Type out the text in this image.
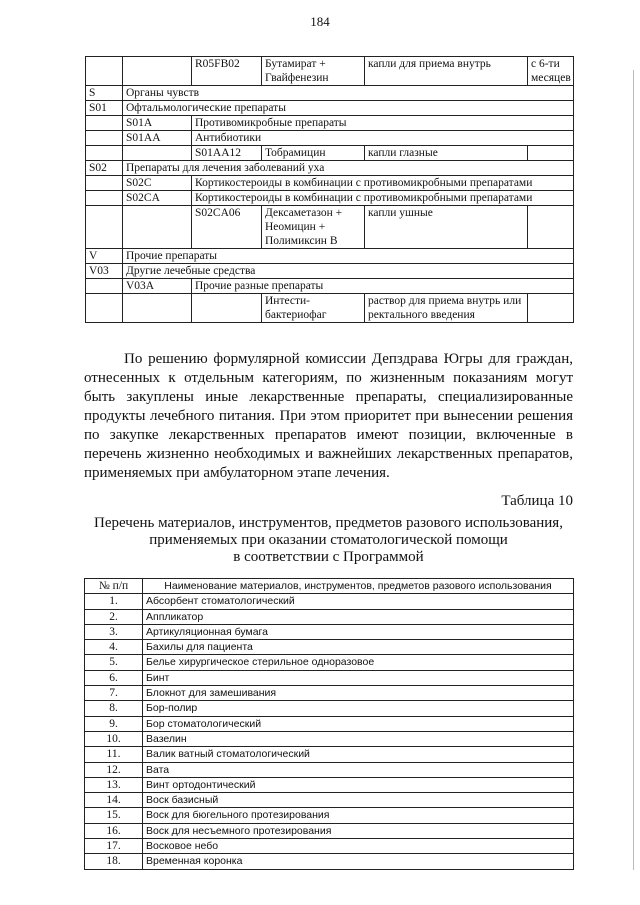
184
		R05FB02	Бутамират + Гвайфенезин	капли для приема внутрь	с 6-ти месяцев
S	Органы чувств				
S01	Офтальмологические препараты				
	S01A	Противомикробные препараты			
	S01AA	Антибиотики			
		S01AA12	Тобрамицин	капли глазные	
S02	Препараты для лечения заболеваний уха				
	S02C	Кортикостероиды в комбинации с противомикробными препаратами			
	S02CA	Кортикостероиды в комбинации с противомикробными препаратами			
		S02CA06	Дексаметазон + Неомицин + Полимиксин В	капли ушные	
V	Прочие препараты				
V03	Другие лечебные средства				
	V03A	Прочие разные препараты			
			Интести-бактериофаг	раствор для приема внутрь или ректального введения	
По решению формулярной комиссии Депздрава Югры для граждан, отнесенных к отдельным категориям, по жизненным показаниям могут быть закуплены иные лекарственные препараты, специализированные продукты лечебного питания. При этом приоритет при вынесении решения по закупке лекарственных препаратов имеют позиции, включенные в перечень жизненно необходимых и важнейших лекарственных препаратов, применяемых при амбулаторном этапе лечения.
Таблица 10
Перечень материалов, инструментов, предметов разового использования,
применяемых при оказании стоматологической помощи
в соответствии с Программой
№ п/п	Наименование материалов, инструментов, предметов разового использования
1.	Абсорбент стоматологический
2.	Аппликатор
3.	Артикуляционная бумага
4.	Бахилы для пациента
5.	Белье хирургическое стерильное одноразовое
6.	Бинт
7.	Блокнот для замешивания
8.	Бор-полир
9.	Бор стоматологический
10.	Вазелин
11.	Валик ватный стоматологический
12.	Вата
13.	Винт ортодонтический
14.	Воск базисный
15.	Воск для бюгельного протезирования
16.	Воск для несъемного протезирования
17.	Восковое небо
18.	Временная коронка
